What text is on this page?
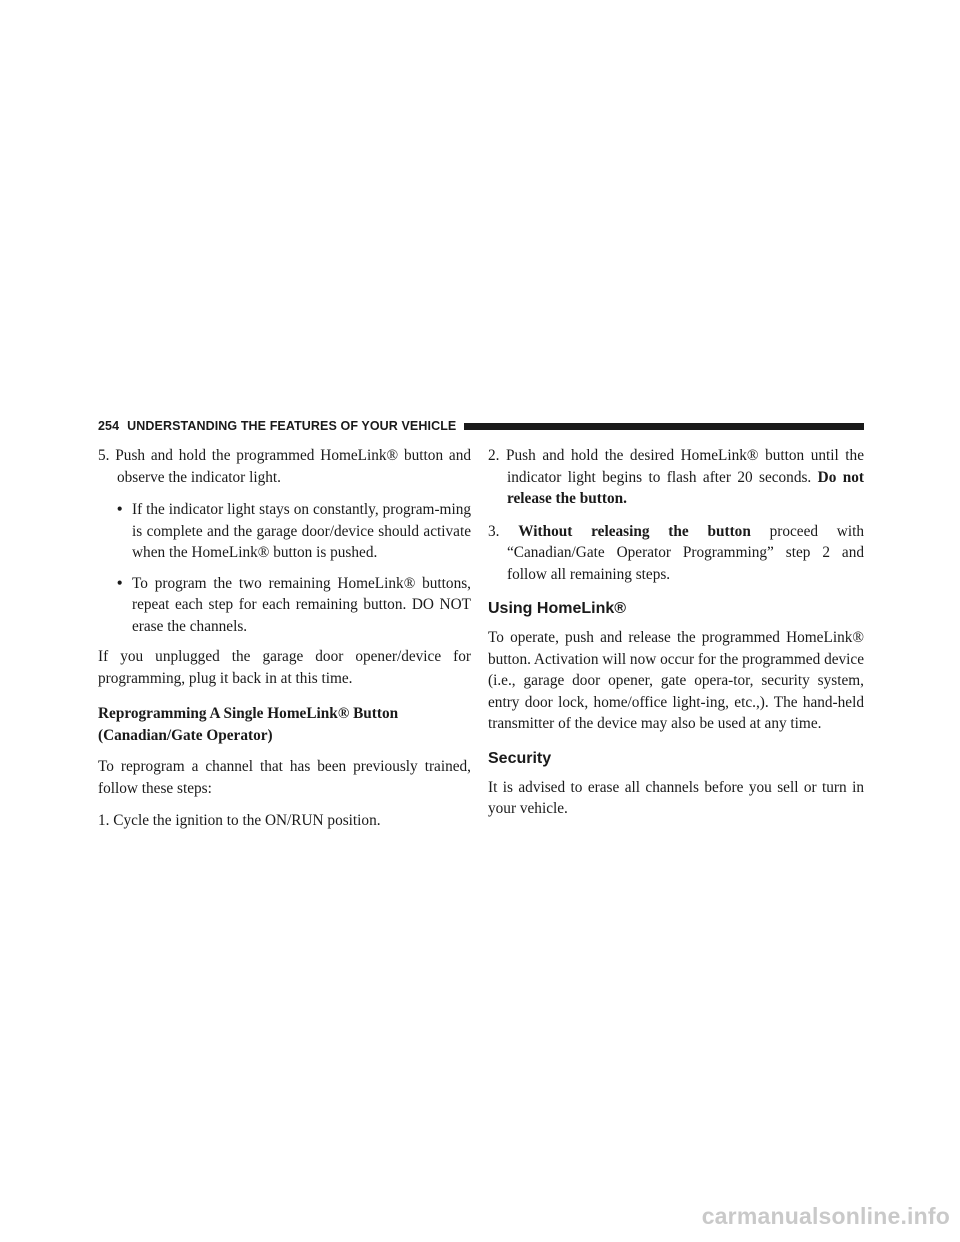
254 UNDERSTANDING THE FEATURES OF YOUR VEHICLE

5. Push and hold the programmed HomeLink® button and observe the indicator light.

• If the indicator light stays on constantly, program-ming is complete and the garage door/device should activate when the HomeLink® button is pushed.

• To program the two remaining HomeLink® buttons, repeat each step for each remaining button. DO NOT erase the channels.

If you unplugged the garage door opener/device for programming, plug it back in at this time.

Reprogramming A Single HomeLink® Button
(Canadian/Gate Operator)

To reprogram a channel that has been previously trained, follow these steps:

1. Cycle the ignition to the ON/RUN position.

2. Push and hold the desired HomeLink® button until the indicator light begins to flash after 20 seconds. Do not release the button.

3. Without releasing the button proceed with “Canadian/Gate Operator Programming” step 2 and follow all remaining steps.

Using HomeLink®

To operate, push and release the programmed HomeLink® button. Activation will now occur for the programmed device (i.e., garage door opener, gate opera-tor, security system, entry door lock, home/office light-ing, etc.,). The hand-held transmitter of the device may also be used at any time.

Security

It is advised to erase all channels before you sell or turn in your vehicle.

carmanualsonline.info
